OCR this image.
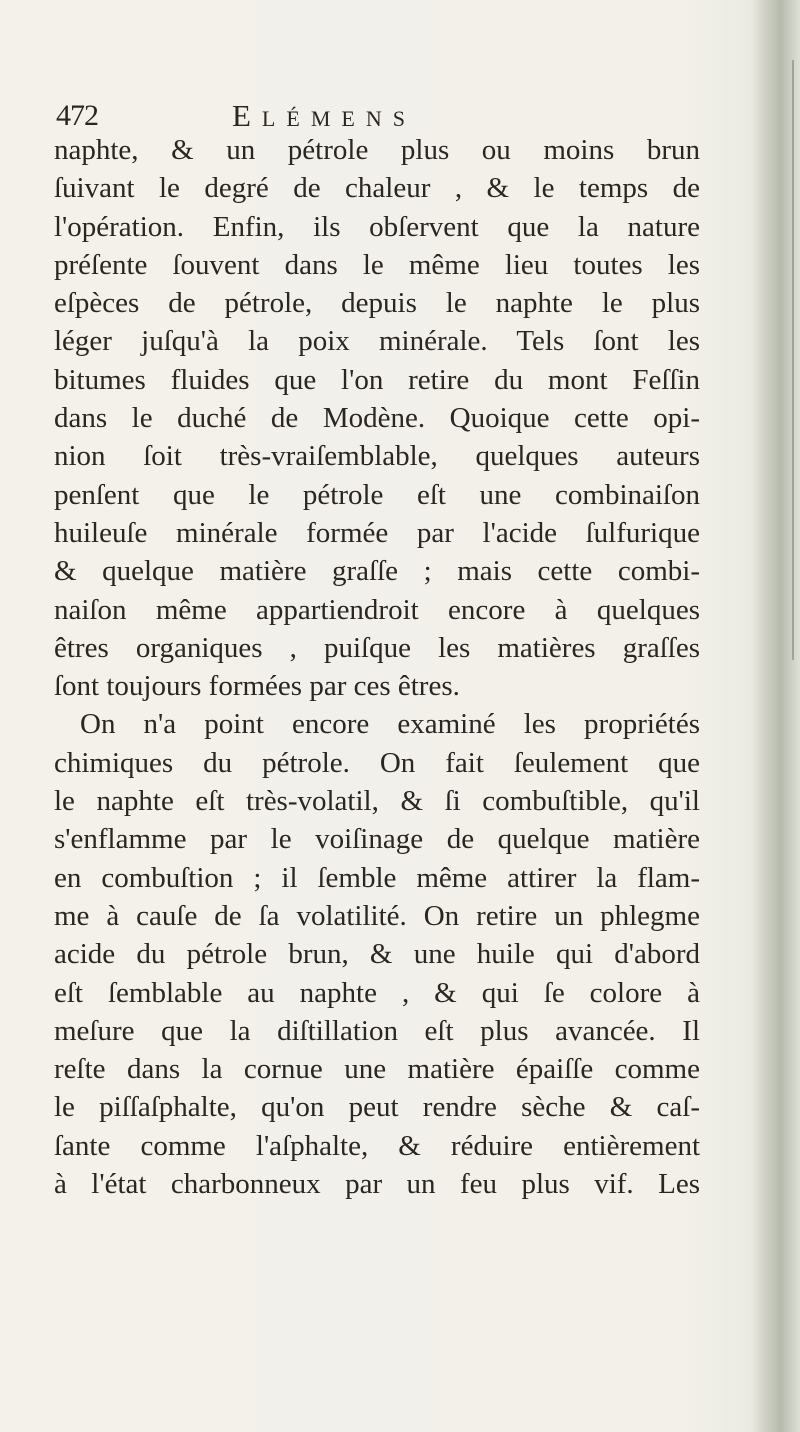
472	Elémens
naphte, & un pétrole plus ou moins brun
ſuivant le degré de chaleur , & le temps de
l'opération. Enfin, ils obſervent que la nature
préſente ſouvent dans le même lieu toutes les
eſpèces de pétrole, depuis le naphte le plus
léger juſqu'à la poix minérale. Tels ſont les
bitumes fluides que l'on retire du mont Feſſin
dans le duché de Modène. Quoique cette opi-
nion ſoit très-vraiſemblable, quelques auteurs
penſent que le pétrole eſt une combinaiſon
huileuſe minérale formée par l'acide ſulfurique
& quelque matière graſſe ; mais cette combi-
naiſon même appartiendroit encore à quelques
êtres organiques , puiſque les matières graſſes
ſont toujours formées par ces êtres.
On n'a point encore examiné les propriétés
chimiques du pétrole. On fait ſeulement que
le naphte eſt très-volatil, & ſi combuſtible, qu'il
s'enflamme par le voiſinage de quelque matière
en combuſtion ; il ſemble même attirer la flam-
me à cauſe de ſa volatilité. On retire un phlegme
acide du pétrole brun, & une huile qui d'abord
eſt ſemblable au naphte , & qui ſe colore à
meſure que la diſtillation eſt plus avancée. Il
reſte dans la cornue une matière épaiſſe comme
le piſſaſphalte, qu'on peut rendre sèche & caſ-
ſante comme l'aſphalte, & réduire entièrement
à l'état charbonneux par un feu plus vif. Les
